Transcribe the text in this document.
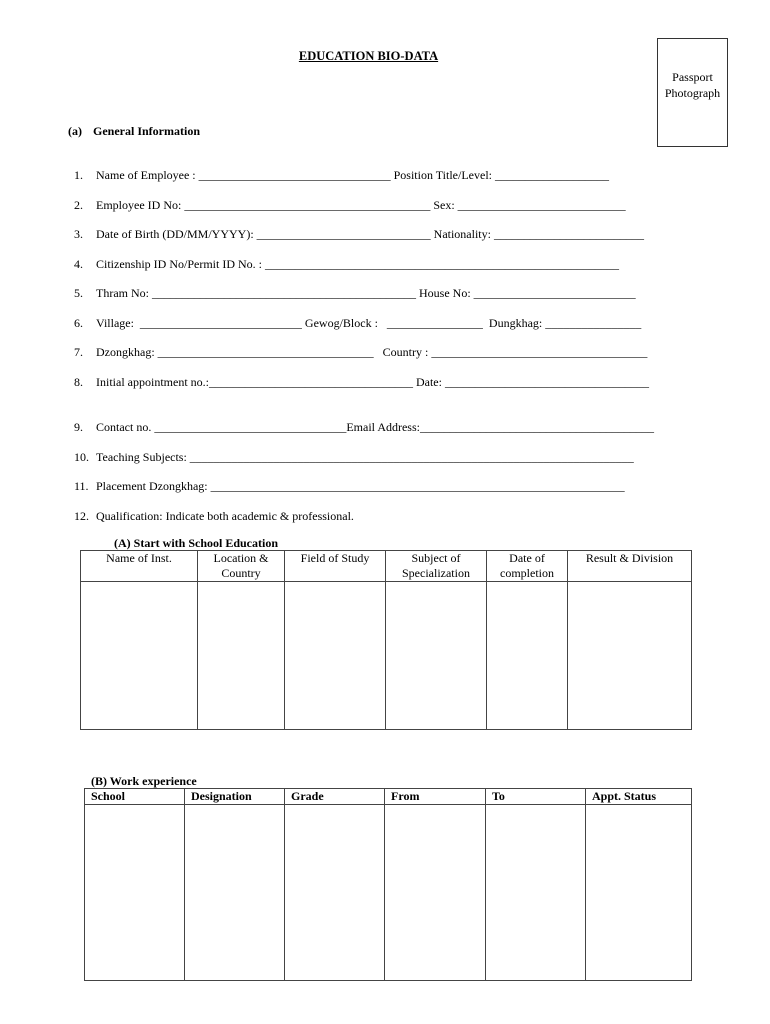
EDUCATION BIO-DATA
Passport
Photograph
(a) General Information

1. Name of Employee : ________________________________ Position Title/Level: ___________________

2. Employee ID No: _________________________________________ Sex: ____________________________

3. Date of Birth (DD/MM/YYYY): _____________________________ Nationality: _________________________

4. Citizenship ID No/Permit ID No. : ___________________________________________________________

5. Thram No: ____________________________________________ House No: ___________________________

6. Village:  ___________________________ Gewog/Block :   ________________  Dungkhag: ________________

7. Dzongkhag: ____________________________________   Country : ____________________________________

8. Initial appointment no.:__________________________________ Date: __________________________________

9. Contact no. ________________________________Email Address:_______________________________________

10. Teaching Subjects: __________________________________________________________________________

11. Placement Dzongkhag: _____________________________________________________________________

12. Qualification: Indicate both academic & professional.

(A) Start with School Education
Name of Inst.	Location & Country	Field of Study	Subject of Specialization	Date of completion	Result & Division

(B) Work experience
School	Designation	Grade	From	To	Appt. Status
